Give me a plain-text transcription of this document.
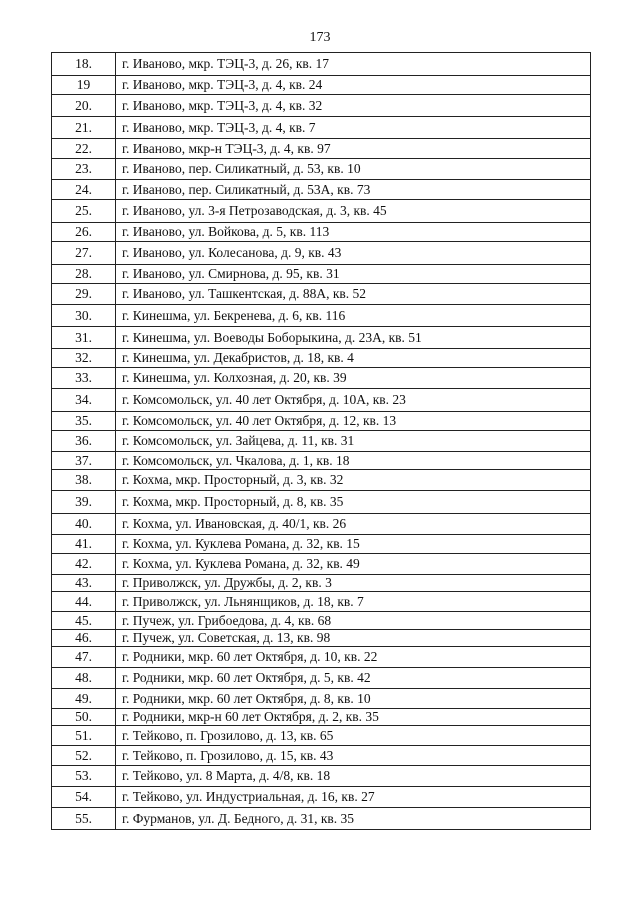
173
18.	г. Иваново, мкр. ТЭЦ-3, д. 26, кв. 17
19	г. Иваново, мкр. ТЭЦ-3, д. 4, кв. 24
20.	г. Иваново, мкр. ТЭЦ-3, д. 4, кв. 32
21.	г. Иваново, мкр. ТЭЦ-3, д. 4, кв. 7
22.	г. Иваново, мкр-н ТЭЦ-3, д. 4, кв. 97
23.	г. Иваново, пер. Силикатный, д. 53, кв. 10
24.	г. Иваново, пер. Силикатный, д. 53А, кв. 73
25.	г. Иваново, ул. 3-я Петрозаводская, д. 3, кв. 45
26.	г. Иваново, ул. Войкова, д. 5, кв. 113
27.	г. Иваново, ул. Колесанова, д. 9, кв. 43
28.	г. Иваново, ул. Смирнова, д. 95, кв. 31
29.	г. Иваново, ул. Ташкентская, д. 88А, кв. 52
30.	г. Кинешма, ул. Бекренева, д. 6, кв. 116
31.	г. Кинешма, ул. Воеводы Боборыкина, д. 23А, кв. 51
32.	г. Кинешма, ул. Декабристов, д. 18, кв. 4
33.	г. Кинешма, ул. Колхозная, д. 20, кв. 39
34.	г. Комсомольск, ул. 40 лет Октября, д. 10А, кв. 23
35.	г. Комсомольск, ул. 40 лет Октября, д. 12, кв. 13
36.	г. Комсомольск, ул. Зайцева, д. 11, кв. 31
37.	г. Комсомольск, ул. Чкалова, д. 1, кв. 18
38.	г. Кохма, мкр. Просторный, д. 3, кв. 32
39.	г. Кохма, мкр. Просторный, д. 8, кв. 35
40.	г. Кохма, ул. Ивановская, д. 40/1, кв. 26
41.	г. Кохма, ул. Куклева Романа, д. 32, кв. 15
42.	г. Кохма, ул. Куклева Романа, д. 32, кв. 49
43.	г. Приволжск, ул. Дружбы, д. 2, кв. 3
44.	г. Приволжск, ул. Льнянщиков, д. 18, кв. 7
45.	г. Пучеж, ул. Грибоедова, д. 4, кв. 68
46.	г. Пучеж, ул. Советская, д. 13, кв. 98
47.	г. Родники, мкр. 60 лет Октября, д. 10, кв. 22
48.	г. Родники, мкр. 60 лет Октября, д. 5, кв. 42
49.	г. Родники, мкр. 60 лет Октября, д. 8, кв. 10
50.	г. Родники, мкр-н 60 лет Октября, д. 2, кв. 35
51.	г. Тейково, п. Грозилово, д. 13, кв. 65
52.	г. Тейково, п. Грозилово, д. 15, кв. 43
53.	г. Тейково, ул. 8 Марта, д. 4/8, кв. 18
54.	г. Тейково, ул. Индустриальная, д. 16, кв. 27
55.	г. Фурманов, ул. Д. Бедного, д. 31, кв. 35
